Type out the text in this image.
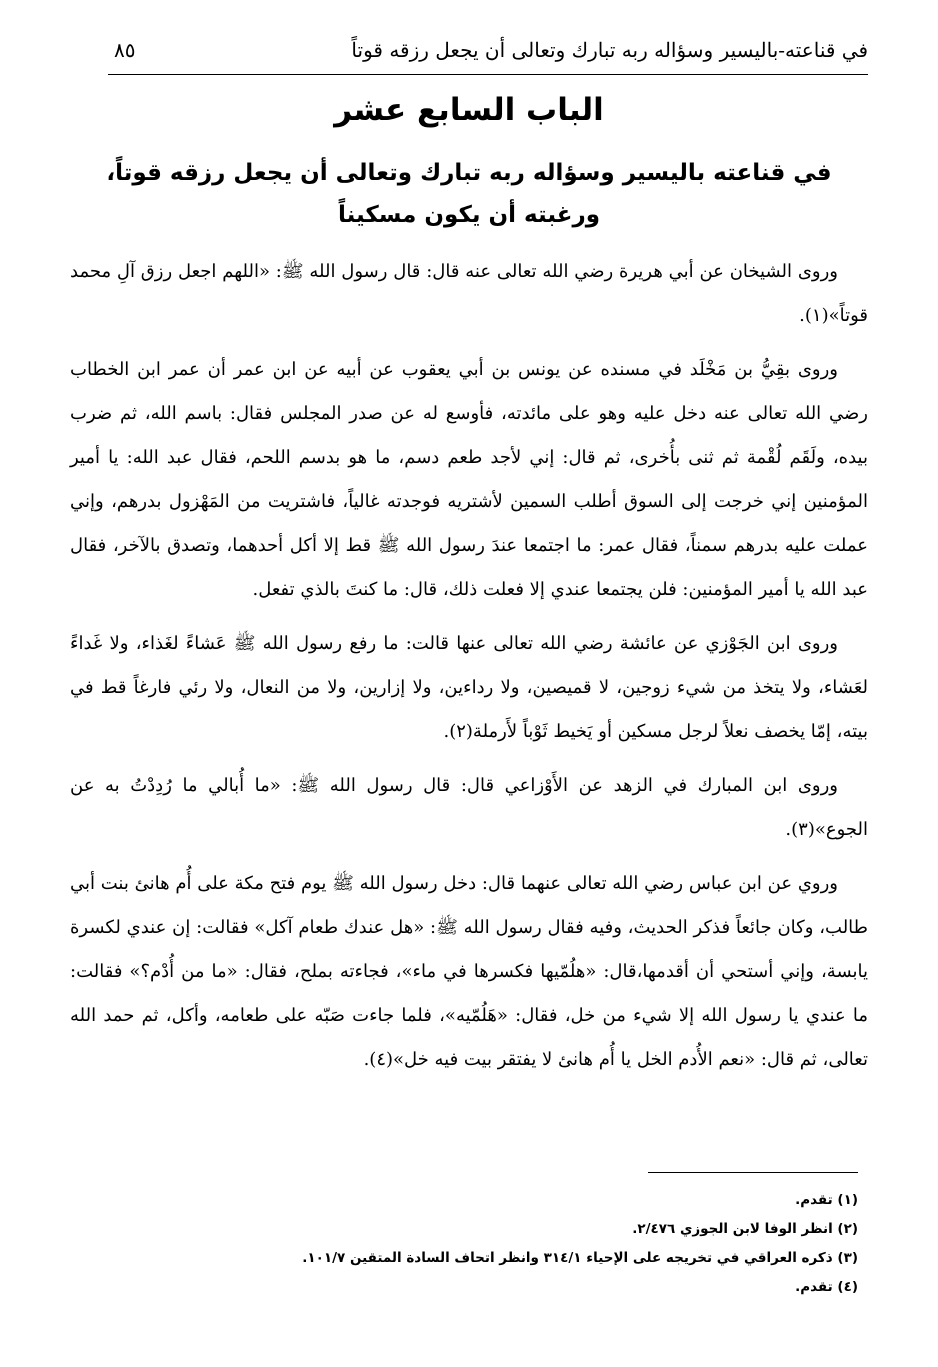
في قناعته-باليسير وسؤاله ربه تبارك وتعالى أن يجعل رزقه قوتاً
٨٥
الباب السابع عشر
في قناعته باليسير وسؤاله ربه تبارك وتعالى أن يجعل رزقه قوتاً،
ورغبته أن يكون مسكيناً

وروى الشيخان عن أبي هريرة رضي الله تعالى عنه قال: قال رسول الله ﷺ: «اللهم اجعل رزق آلِ محمد قوتاً»(١).

وروى بقِيُّ بن مَخْلَد في مسنده عن يونس بن أبي يعقوب عن أبيه عن ابن عمر أن عمر ابن الخطاب رضي الله تعالى عنه دخل عليه وهو على مائدته، فأوسع له عن صدر المجلس فقال: باسم الله، ثم ضرب بيده، ولَقَم لُقْمة ثم ثنى بأُخرى، ثم قال: إني لأجد طعم دسم، ما هو بدسم اللحم، فقال عبد الله: يا أمير المؤمنين إني خرجت إلى السوق أطلب السمين لأشتريه فوجدته غالياً، فاشتريت من المَهْزول بدرهم، وإني عملت عليه بدرهم سمناً، فقال عمر: ما اجتمعا عندَ رسول الله ﷺ قط إلا أكل أحدهما، وتصدق بالآخر، فقال عبد الله يا أمير المؤمنين: فلن يجتمعا عندي إلا فعلت ذلك، قال: ما كنتَ بالذي تفعل.

وروى ابن الجَوْزي عن عائشة رضي الله تعالى عنها قالت: ما رفع رسول الله ﷺ عَشاءً لغَذاء، ولا غَداءً لعَشاء، ولا يتخذ من شيء زوجين، لا قميصين، ولا رداءين، ولا إزارين، ولا من النعال، ولا رئي فارغاً قط في بيته، إمّا يخصف نعلاً لرجل مسكين أو يَخيط ثَوْباً لأَرملة(٢).

وروى ابن المبارك في الزهد عن الأَوْزاعي قال: قال رسول الله ﷺ: «ما أُبالي ما رُدِدْتُ به عن الجوع»(٣).

وروي عن ابن عباس رضي الله تعالى عنهما قال: دخل رسول الله ﷺ يوم فتح مكة على أُم هانئ بنت أبي طالب، وكان جائعاً فذكر الحديث، وفيه فقال رسول الله ﷺ: «هل عندك طعام آكل» فقالت: إن عندي لكسرة يابسة، وإني أستحي أن أقدمها،قال: «هلُمّيها فكسرها في ماء»، فجاءته بملح، فقال: «ما من أُدْم؟» فقالت: ما عندي يا رسول الله إلا شيء من خل، فقال: «هَلُمّيه»، فلما جاءت صَبّه على طعامه، وأكل، ثم حمد الله تعالى، ثم قال: «نعم الأُدم الخل يا أُم هانئ لا يفتقر بيت فيه خل»(٤).

(١) تقدم.

(٢) انظر الوفا لابن الجوزي ٢/٤٧٦.

(٣) ذكره العراقي في تخريجه على الإحياء ٣١٤/١ وانظر اتحاف السادة المتقين ١٠١/٧.

(٤) تقدم.
